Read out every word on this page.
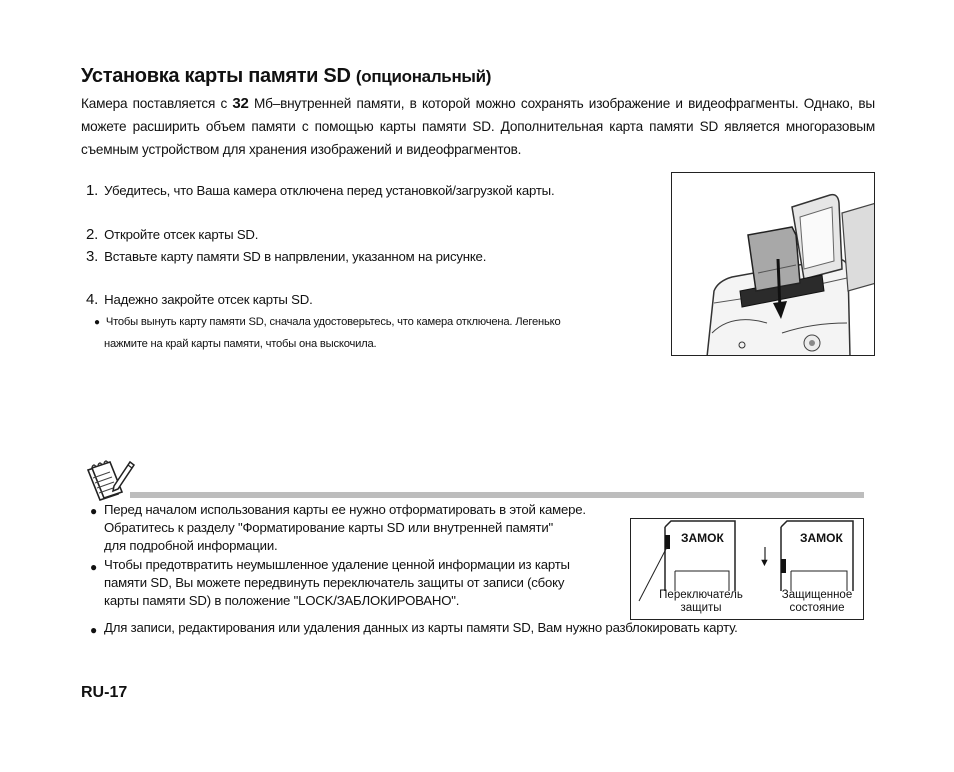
Установка карты памяти SD (опциональный)

Камера поставляется с 32 Мб–внутренней памяти, в которой можно сохранять изображение и видеофрагменты. Однако, вы можете расширить объем памяти с помощью карты памяти SD. Дополнительная карта памяти SD является многоразовым съемным устройством для хранения изображений и видеофрагментов.

1. Убедитесь, что Ваша камера отключена перед установкой/загрузкой карты.
2. Откройте отсек карты SD.
3. Вставьте карту памяти SD в напрвлении, указанном на рисунке.
4. Надежно закройте отсек карты SD.
● Чтобы вынуть карту памяти SD, сначала удостоверьтесь, что камера отключена. Легенько
нажмите на край карты памяти, чтобы она выскочила.
● Перед началом использования карты ее нужно отформатировать в этой камере.
Обратитесь к разделу "Форматирование карты SD или внутренней памяти"
для подробной информации.
● Чтобы предотвратить неумышленное удаление ценной информации из карты
памяти SD, Вы можете передвинуть переключатель защиты от записи (сбоку
карты памяти SD) в положение "LOCK/ЗАБЛОКИРОВАНО".
● Для записи, редактирования или удаления данных из карты памяти SD, Вам нужно разблокировать карту.
ЗАМОК	ЗАМОК
▼
Переключатель
защиты
Защищенное
состояние
RU-17
